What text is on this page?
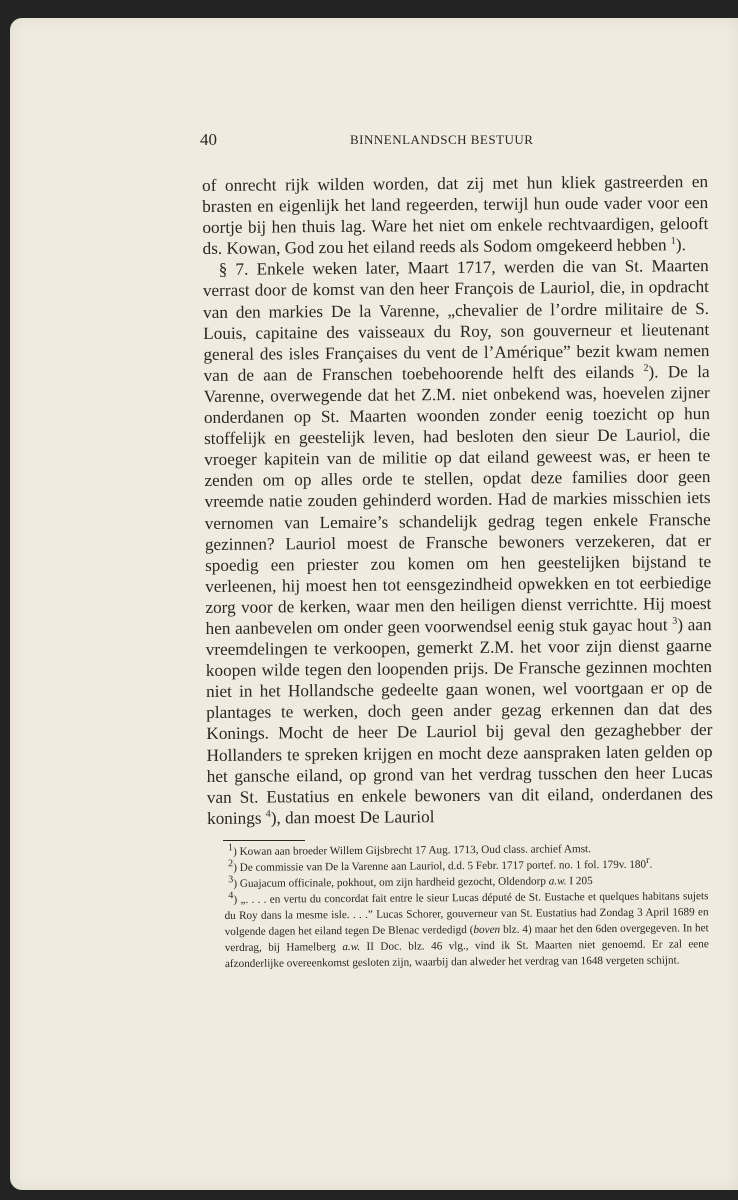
40	BINNENLANDSCH BESTUUR

of onrecht rijk wilden worden, dat zij met hun kliek gastreerden en brasten en eigenlijk het land regeerden, terwijl hun oude vader voor een oortje bij hen thuis lag. Ware het niet om enkele rechtvaardigen, gelooft ds. Kowan, God zou het eiland reeds als Sodom omgekeerd hebben $^1$).

§ 7. Enkele weken later, Maart 1717, werden die van St. Maarten verrast door de komst van den heer François de Lauriol, die, in opdracht van den markies De la Varenne, „chevalier de l’ordre militaire de S. Louis, capitaine des vaisseaux du Roy, son gouverneur et lieutenant general des isles Françaises du vent de l’Amérique” bezit kwam nemen van de aan de Franschen toebehoorende helft des eilands $^2$). De la Varenne, overwegende dat het Z.M. niet onbekend was, hoevelen zijner onderdanen op St. Maarten woonden zonder eenig toezicht op hun stoffelijk en geestelijk leven, had besloten den sieur De Lauriol, die vroeger kapitein van de militie op dat eiland geweest was, er heen te zenden om op alles orde te stellen, opdat deze families door geen vreemde natie zouden gehinderd worden. Had de markies misschien iets vernomen van Lemaire’s schandelijk gedrag tegen enkele Fransche gezinnen? Lauriol moest de Fransche bewoners verzekeren, dat er spoedig een priester zou komen om hen geestelijken bijstand te verleenen, hij moest hen tot eensgezindheid opwekken en tot eerbiedige zorg voor de kerken, waar men den heiligen dienst verrichtte. Hij moest hen aanbevelen om onder geen voorwendsel eenig stuk gayac hout $^3$) aan vreemdelingen te verkoopen, gemerkt Z.M. het voor zijn dienst gaarne koopen wilde tegen den loopenden prijs. De Fransche gezinnen mochten niet in het Hollandsche gedeelte gaan wonen, wel voortgaan er op de plantages te werken, doch geen ander gezag erkennen dan dat des Konings. Mocht de heer De Lauriol bij geval den gezaghebber der Hollanders te spreken krijgen en mocht deze aanspraken laten gelden op het gansche eiland, op grond van het verdrag tusschen den heer Lucas van St. Eustatius en enkele bewoners van dit eiland, onderdanen des konings $^4$), dan moest De Lauriol

$^1$) Kowan aan broeder Willem Gijsbrecht 17 Aug. 1713, Oud class. archief Amst.

$^2$) De commissie van De la Varenne aan Lauriol, d.d. 5 Febr. 1717 portef. no. 1 fol. 179v. 180$^r$.

$^3$) Guajacum officinale, pokhout, om zijn hardheid gezocht, Oldendorp a.w. I 205

$^4$) „. . . . en vertu du concordat fait entre le sieur Lucas député de St. Eustache et quelques habitans sujets du Roy dans la mesme isle. . . .” Lucas Schorer, gouverneur van St. Eustatius had Zondag 3 April 1689 en volgende dagen het eiland tegen De Blenac verdedigd (boven blz. 4) maar het den 6den overgegeven. In het verdrag, bij Hamelberg a.w. II Doc. blz. 46 vlg., vind ik St. Maarten niet genoemd. Er zal eene afzonderlijke overeenkomst gesloten zijn, waarbij dan alweder het verdrag van 1648 vergeten schijnt.
